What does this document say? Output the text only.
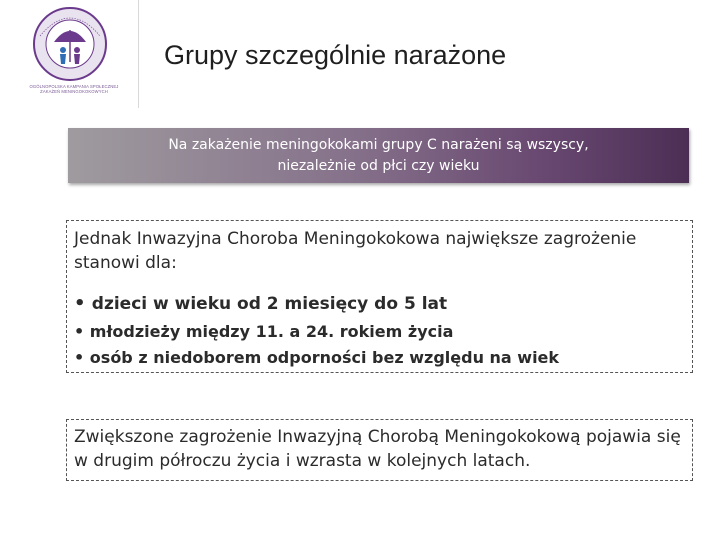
OGÓLNOPOLSKA KAMPANIA SPOŁECZNEJ
ZAKAŻEŃ MENINGOKOKOWYCH
Grupy szczególnie narażone
Na zakażenie meningokokami grupy C narażeni są wszyscy,
niezależnie od płci czy wieku
Jednak Inwazyjna Choroba Meningokokowa największe zagrożenie stanowi dla:
• dzieci w wieku od 2 miesięcy do 5 lat
• młodzieży między 11. a 24. rokiem życia
• osób z niedoborem odporności bez względu na wiek
Zwiększone zagrożenie Inwazyjną Chorobą Meningokokową pojawia się w drugim półroczu życia i wzrasta w kolejnych latach.
